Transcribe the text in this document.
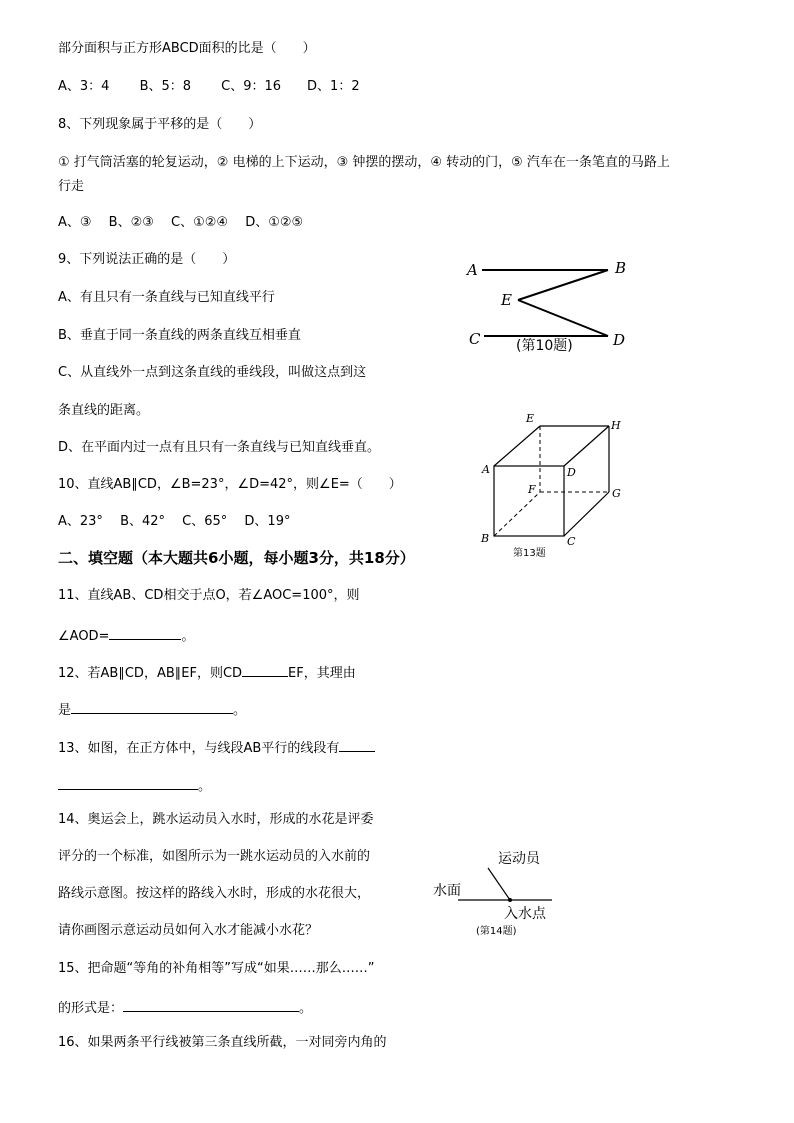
部分面积与正方形ABCD面积的比是（　　）
A、3：4　　 B、5：8　　 C、9：16　　D、1：2
8、下列现象属于平移的是（　　）
① 打气筒活塞的轮复运动，② 电梯的上下运动，③ 钟摆的摆动，④ 转动的门，⑤ 汽车在一条笔直的马路上
行走
A、③　 B、②③　 C、①②④　 D、①②⑤
9、下列说法正确的是（　　）
A、有且只有一条直线与已知直线平行
B、垂直于同一条直线的两条直线互相垂直
C、从直线外一点到这条直线的垂线段，叫做这点到这
条直线的距离。
D、在平面内过一点有且只有一条直线与已知直线垂直。
10、直线AB∥CD，∠B=23°，∠D=42°，则∠E=（　　）
A、23°　 B、42°　 C、65°　 D、19°
二、填空题（本大题共6小题，每小题3分，共18分）
11、直线AB、CD相交于点O，若∠AOC=100°，则
∠AOD=	。
12、若AB∥CD，AB∥EF，则CD	EF，其理由
是	。
13、如图，在正方体中，与线段AB平行的线段有
。
14、奥运会上，跳水运动员入水时，形成的水花是评委
评分的一个标准，如图所示为一跳水运动员的入水前的
路线示意图。按这样的路线入水时，形成的水花很大，
请你画图示意运动员如何入水才能减小水花？
15、把命题“等角的补角相等”写成“如果……那么……”
的形式是：	。
16、如果两条平行线被第三条直线所截，一对同旁内角的
A	B
E
C	D
(第10题)
E
H
A	D
F	G
B	C
第13题
运动员
水面
入水点
(第14题)
